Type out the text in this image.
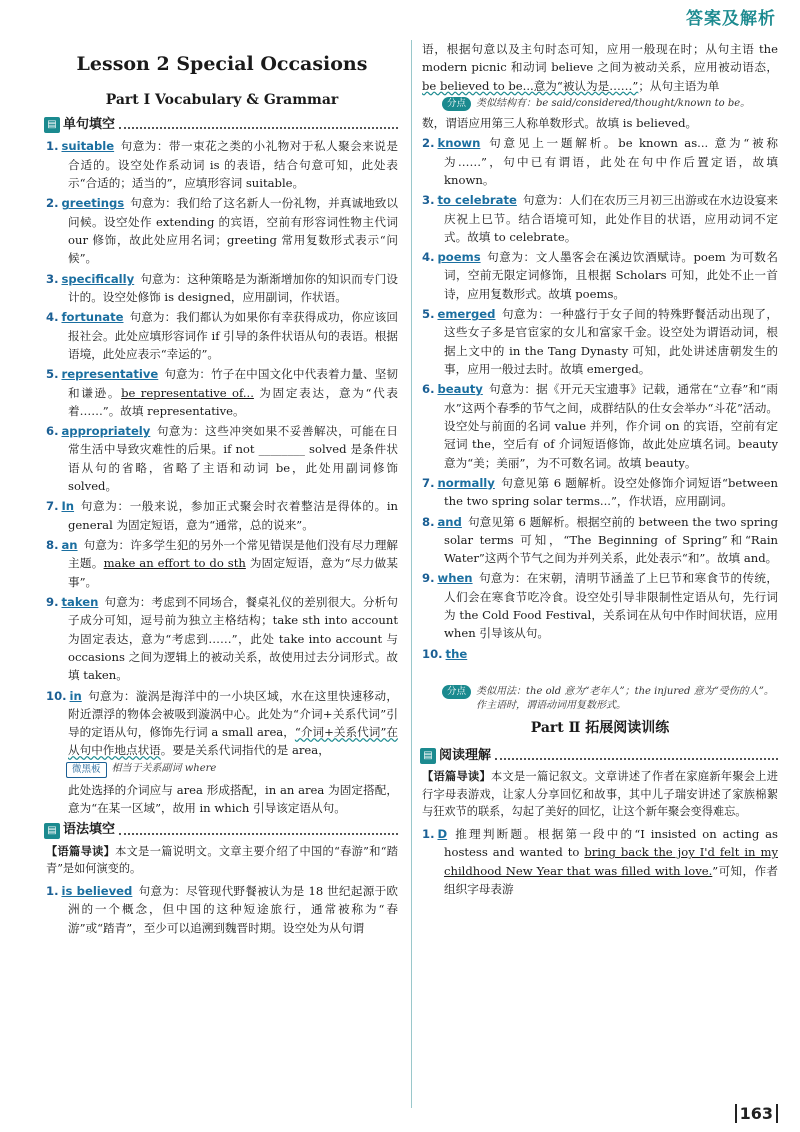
答案及解析
Lesson 2 Special Occasions
Part Ⅰ Vocabulary & Grammar
▤ 单句填空
1. suitable 句意为：带一束花之类的小礼物对于私人聚会来说是合适的。设空处作系动词 is 的表语，结合句意可知，此处表示“合适的；适当的”，应填形容词 suitable。
2. greetings 句意为：我们给了这名新人一份礼物，并真诚地致以问候。设空处作 extending 的宾语，空前有形容词性物主代词 our 修饰，故此处应用名词；greeting 常用复数形式表示“问候”。
3. specifically 句意为：这种策略是为渐渐增加你的知识而专门设计的。设空处修饰 is designed，应用副词，作状语。
4. fortunate 句意为：我们都认为如果你有幸获得成功，你应该回报社会。此处应填形容词作 if 引导的条件状语从句的表语。根据语境，此处应表示“幸运的”。
5. representative 句意为：竹子在中国文化中代表着力量、坚韧和谦逊。be representative of... 为固定表达，意为“代表着……”。故填 representative。
6. appropriately 句意为：这些冲突如果不妥善解决，可能在日常生活中导致灾难性的后果。if not ________ solved 是条件状语从句的省略，省略了主语和动词 be，此处用副词修饰 solved。
7. In 句意为：一般来说，参加正式聚会时衣着整洁是得体的。in general 为固定短语，意为“通常，总的说来”。
8. an 句意为：许多学生犯的另外一个常见错误是他们没有尽力理解主题。make an effort to do sth 为固定短语，意为“尽力做某事”。
9. taken 句意为：考虑到不同场合，餐桌礼仪的差别很大。分析句子成分可知，逗号前为独立主格结构；take sth into account 为固定表达，意为“考虑到……”，此处 take into account 与 occasions 之间为逻辑上的被动关系，故使用过去分词形式。故填 taken。
10. in 句意为：漩涡是海洋中的一小块区域，水在这里快速移动，附近漂浮的物体会被吸到漩涡中心。此处为“介词+关系代词”引导的定语从句，修饰先行词 a small area，“介词+关系代词”在从句中作地点状语。要是关系代词指代的是 area，
微黑板	相当于关系副词 where
此处选择的介词应与 area 形成搭配，in an area 为固定搭配，意为“在某一区域”，故用 in which 引导该定语从句。
▤ 语法填空
【语篇导读】本文是一篇说明文。文章主要介绍了中国的“春游”和“踏青”是如何演变的。
1. is believed 句意为：尽管现代野餐被认为是 18 世纪起源于欧洲的一个概念，但中国的这种短途旅行，通常被称为“春游”或“踏青”，至少可以追溯到魏晋时期。设空处为从句谓
语，根据句意以及主句时态可知，应用一般现在时；从句主语 the modern picnic 和动词 believe 之间为被动关系，应用被动语态，be believed to be...意为“被认为是……”；从句主语为单
分点	类似结构有：be said/considered/thought/known to be。
数，谓语应用第三人称单数形式。故填 is believed。
2. known 句意见上一题解析。be known as... 意为“被称为……”，句中已有谓语，此处在句中作后置定语，故填 known。
3. to celebrate 句意为：人们在农历三月初三出游或在水边设宴来庆祝上巳节。结合语境可知，此处作目的状语，应用动词不定式。故填 to celebrate。
4. poems 句意为：文人墨客会在溪边饮酒赋诗。poem 为可数名词，空前无限定词修饰，且根据 Scholars 可知，此处不止一首诗，应用复数形式。故填 poems。
5. emerged 句意为：一种盛行于女子间的特殊野餐活动出现了，这些女子多是官宦家的女儿和富家千金。设空处为谓语动词，根据上文中的 in the Tang Dynasty 可知，此处讲述唐朝发生的事，应用一般过去时。故填 emerged。
6. beauty 句意为：据《开元天宝遗事》记载，通常在“立春”和“雨水”这两个春季的节气之间，成群结队的仕女会举办“斗花”活动。设空处与前面的名词 value 并列，作介词 on 的宾语，空前有定冠词 the，空后有 of 介词短语修饰，故此处应填名词。beauty 意为“美；美丽”，为不可数名词。故填 beauty。
7. normally 句意见第 6 题解析。设空处修饰介词短语“between the two spring solar terms...”，作状语，应用副词。
8. and 句意见第 6 题解析。根据空前的 between the two spring solar terms 可知，“The Beginning of Spring”和“Rain Water”这两个节气之间为并列关系，此处表示“和”。故填 and。
9. when 句意为：在宋朝，清明节涵盖了上巳节和寒食节的传统，人们会在寒食节吃冷食。设空处引导非限制性定语从句，先行词为 the Cold Food Festival，关系词在从句中作时间状语，应用 when 引导该从句。
10. the
分点	类似用法：the old 意为“老年人”；the injured 意为“受伤的人”。作主语时，谓语动词用复数形式。
Part Ⅱ 拓展阅读训练
▤ 阅读理解
【语篇导读】本文是一篇记叙文。文章讲述了作者在家庭新年聚会上进行字母表游戏，让家人分享回忆和故事，其中儿子瑞安讲述了家族棉絮与狂欢节的联系，勾起了美好的回忆，让这个新年聚会变得难忘。
1. D 推理判断题。根据第一段中的“I insisted on acting as hostess and wanted to bring back the joy I'd felt in my childhood New Year that was filled with love.”可知，作者组织字母表游
163
